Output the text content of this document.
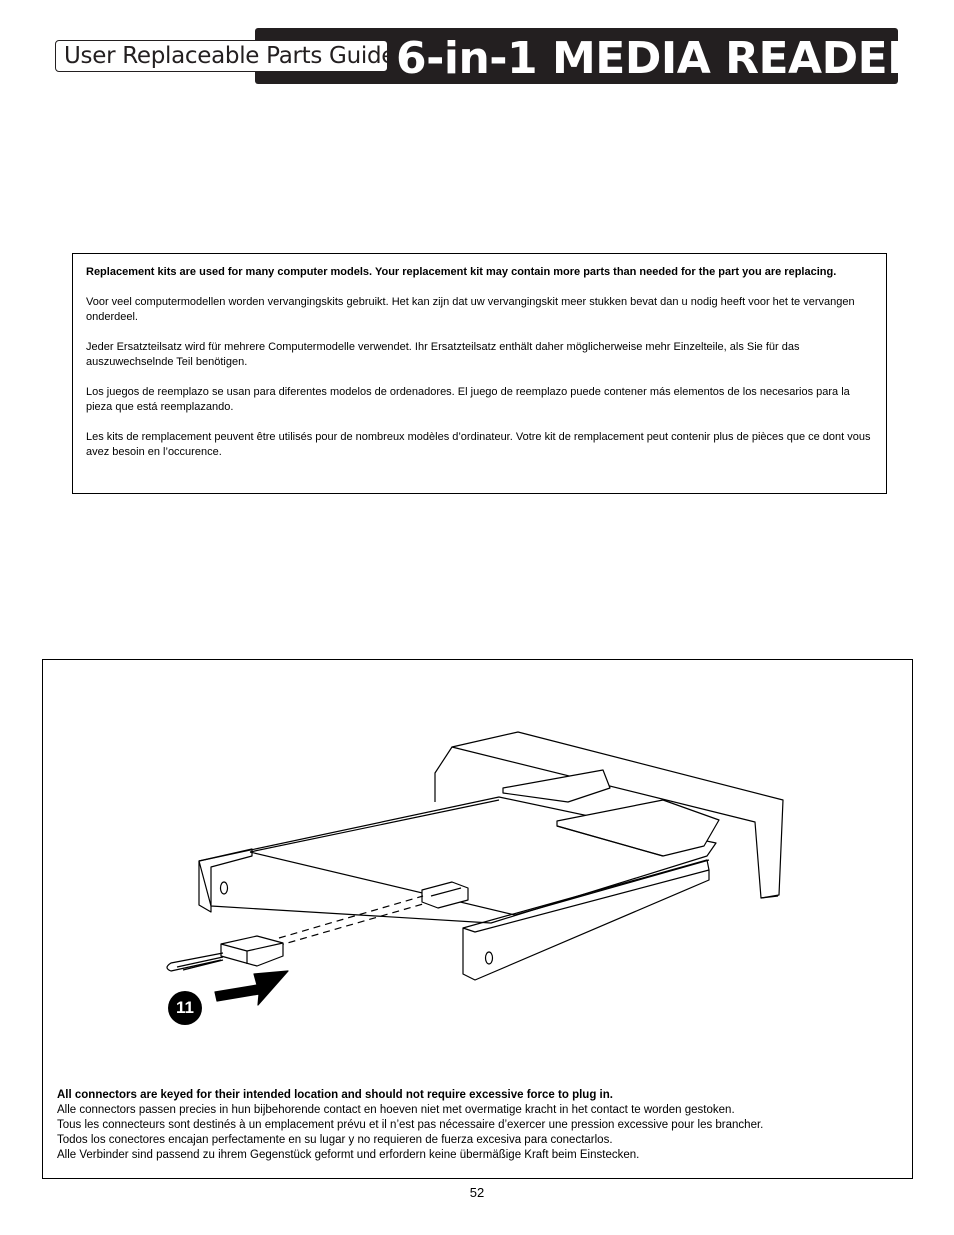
6-in-1 MEDIA READER
User Replaceable Parts Guide

Replacement kits are used for many computer models. Your replacement kit may contain more parts than needed for the part you are replacing.

Voor veel computermodellen worden vervangingskits gebruikt. Het kan zijn dat uw vervangingskit meer stukken bevat dan u nodig heeft voor het te vervangen onderdeel.

Jeder Ersatzteilsatz wird für mehrere Computermodelle verwendet. Ihr Ersatzteilsatz enthält daher möglicherweise mehr Einzelteile, als Sie für das auszuwechselnde Teil benötigen.

Los juegos de reemplazo se usan para diferentes modelos de ordenadores. El juego de reemplazo puede contener más elementos de los necesarios para la pieza que está reemplazando.

Les kits de remplacement peuvent être utilisés pour de nombreux modèles d’ordinateur. Votre kit de remplacement peut contenir plus de pièces que ce dont vous avez besoin en l’occurence.

11
All connectors are keyed for their intended location and should not require excessive force to plug in.
Alle connectors passen precies in hun bijbehorende contact en hoeven niet met overmatige kracht in het contact te worden gestoken.
Tous les connecteurs sont destinés à un emplacement prévu et il n’est pas nécessaire d’exercer une pression excessive pour les brancher.
Todos los conectores encajan perfectamente en su lugar y no requieren de fuerza excesiva para conectarlos.
Alle Verbinder sind passend zu ihrem Gegenstück geformt und erfordern keine übermäßige Kraft beim Einstecken.
52
